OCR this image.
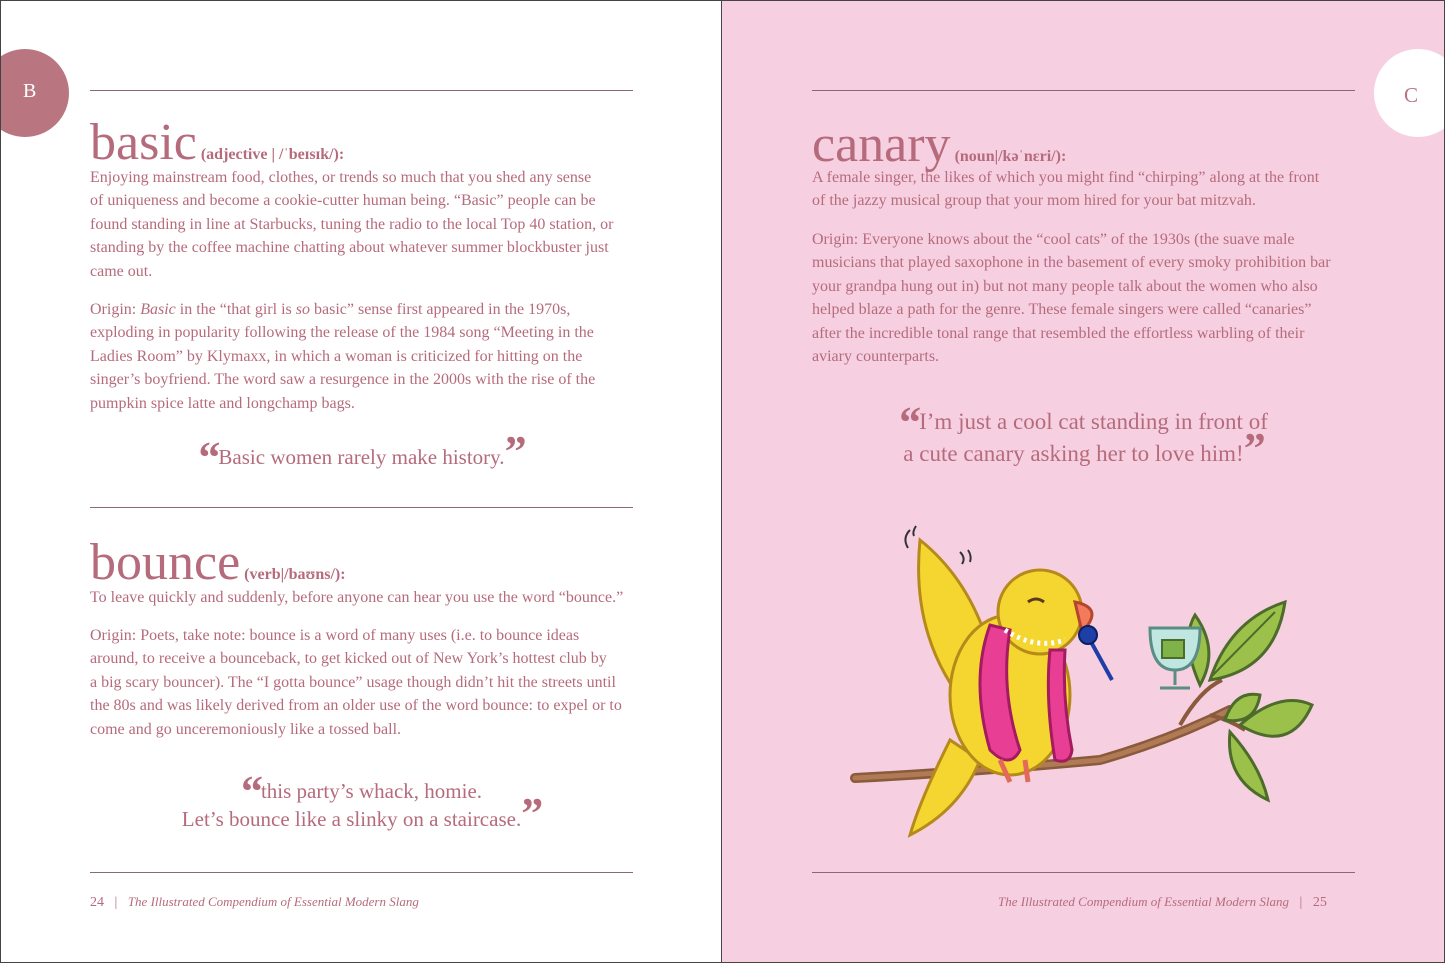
B
basic (adjective | /ˈbeɪsɪk/):

Enjoying mainstream food, clothes, or trends so much that you shed any sense
of uniqueness and become a cookie-cutter human being. “Basic” people can be
found standing in line at Starbucks, tuning the radio to the local Top 40 station, or
standing by the coffee machine chatting about whatever summer blockbuster just
came out.

Origin: Basic in the “that girl is so basic” sense first appeared in the 1970s,
exploding in popularity following the release of the 1984 song “Meeting in the
Ladies Room” by Klymaxx, in which a woman is criticized for hitting on the
singer’s boyfriend. The word saw a resurgence in the 2000s with the rise of the
pumpkin spice latte and longchamp bags.

“Basic women rarely make history.”
bounce (verb|/baʊns/):

To leave quickly and suddenly, before anyone can hear you use the word “bounce.”

Origin: Poets, take note: bounce is a word of many uses (i.e. to bounce ideas
around, to receive a bounceback, to get kicked out of New York’s hottest club by
a big scary bouncer). The “I gotta bounce” usage though didn’t hit the streets until
the 80s and was likely derived from an older use of the word bounce: to expel or to
come and go unceremoniously like a tossed ball.

“this party’s whack, homie.
Let’s bounce like a slinky on a staircase.”
24 | The Illustrated Compendium of Essential Modern Slang
C
canary (noun|/kəˈnɛri/):

A female singer, the likes of which you might find “chirping” along at the front
of the jazzy musical group that your mom hired for your bat mitzvah.

Origin: Everyone knows about the “cool cats” of the 1930s (the suave male
musicians that played saxophone in the basement of every smoky prohibition bar
your grandpa hung out in) but not many people talk about the women who also
helped blaze a path for the genre. These female singers were called “canaries”
after the incredible tonal range that resembled the effortless warbling of their
aviary counterparts.

“I’m just a cool cat standing in front of
a cute canary asking her to love him!”
The Illustrated Compendium of Essential Modern Slang | 25
